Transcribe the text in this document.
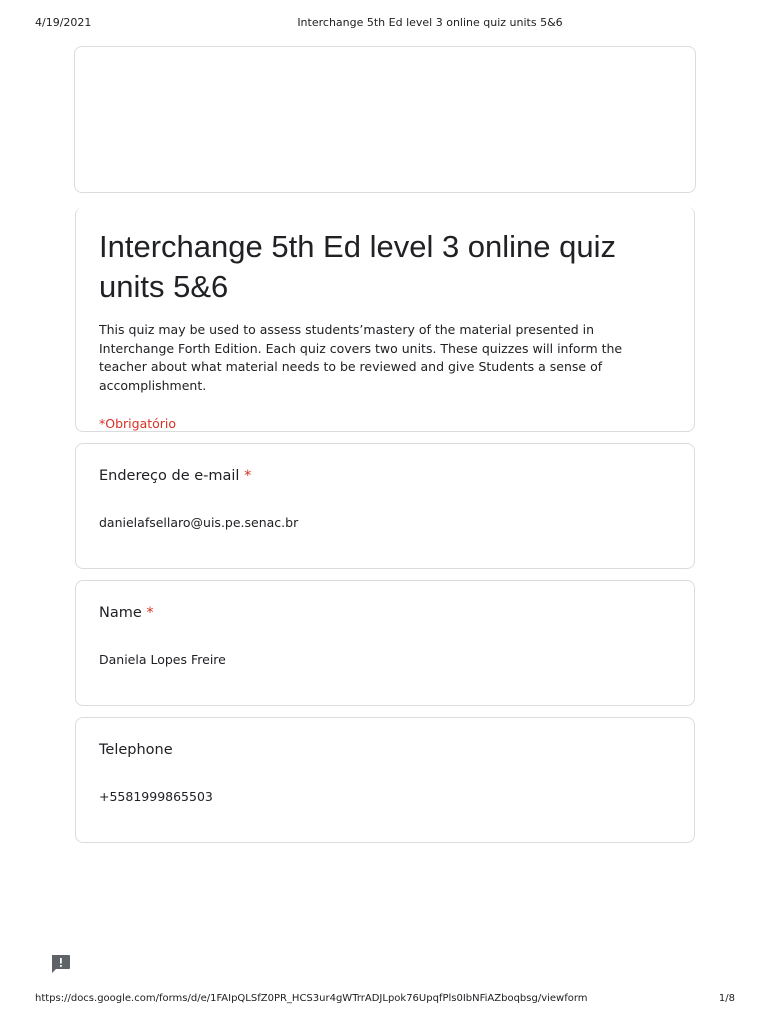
4/19/2021	Interchange 5th Ed level 3 online quiz units 5&6
Interchange 5th Ed level 3 online quiz units 5&6
This quiz may be used to assess students’mastery of the material presented in Interchange Forth Edition. Each quiz covers two units. These quizzes will inform the teacher about what material needs to be reviewed and give Students a sense of accomplishment.
*Obrigatório
Endereço de e-mail *
danielafsellaro@uis.pe.senac.br
Name *
Daniela Lopes Freire
Telephone
+5581999865503
https://docs.google.com/forms/d/e/1FAIpQLSfZ0PR_HCS3ur4gWTrrADJLpok76UpqfPls0IbNFiAZboqbsg/viewform	1/8
